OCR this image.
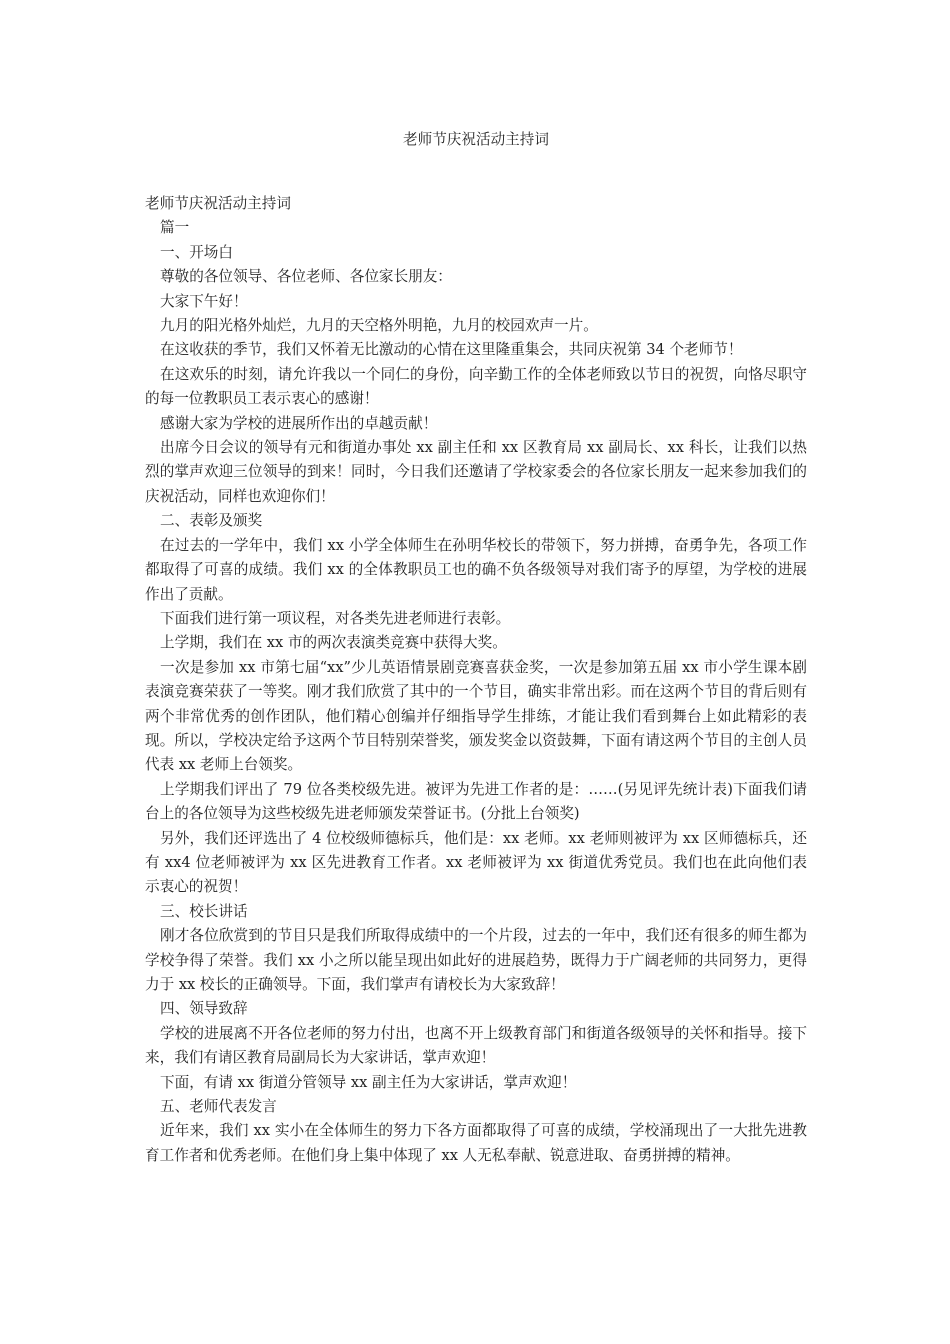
老师节庆祝活动主持词

老师节庆祝活动主持词

篇一

一、开场白

尊敬的各位领导、各位老师、各位家长朋友：

大家下午好！

九月的阳光格外灿烂，九月的天空格外明艳，九月的校园欢声一片。

在这收获的季节，我们又怀着无比激动的心情在这里隆重集会，共同庆祝第 34 个老师节！

在这欢乐的时刻，请允许我以一个同仁的身份，向辛勤工作的全体老师致以节日的祝贺，向恪尽职守的每一位教职员工表示衷心的感谢！

感谢大家为学校的进展所作出的卓越贡献！

出席今日会议的领导有元和街道办事处 xx 副主任和 xx 区教育局 xx 副局长、xx 科长，让我们以热烈的掌声欢迎三位领导的到来！同时，今日我们还邀请了学校家委会的各位家长朋友一起来参加我们的庆祝活动，同样也欢迎你们！

二、表彰及颁奖

在过去的一学年中，我们 xx 小学全体师生在孙明华校长的带领下，努力拼搏，奋勇争先，各项工作都取得了可喜的成绩。我们 xx 的全体教职员工也的确不负各级领导对我们寄予的厚望，为学校的进展作出了贡献。

下面我们进行第一项议程，对各类先进老师进行表彰。

上学期，我们在 xx 市的两次表演类竞赛中获得大奖。

一次是参加 xx 市第七届“xx”少儿英语情景剧竞赛喜获金奖，一次是参加第五届 xx 市小学生课本剧表演竞赛荣获了一等奖。刚才我们欣赏了其中的一个节目，确实非常出彩。而在这两个节目的背后则有两个非常优秀的创作团队，他们精心创编并仔细指导学生排练，才能让我们看到舞台上如此精彩的表现。所以，学校决定给予这两个节目特别荣誉奖，颁发奖金以资鼓舞，下面有请这两个节目的主创人员代表 xx 老师上台领奖。

上学期我们评出了 79 位各类校级先进。被评为先进工作者的是：……(另见评先统计表)下面我们请台上的各位领导为这些校级先进老师颁发荣誉证书。(分批上台领奖)

另外，我们还评选出了 4 位校级师德标兵，他们是：xx 老师。xx 老师则被评为 xx 区师德标兵，还有 xx4 位老师被评为 xx 区先进教育工作者。xx 老师被评为 xx 街道优秀党员。我们也在此向他们表示衷心的祝贺！

三、校长讲话

刚才各位欣赏到的节目只是我们所取得成绩中的一个片段，过去的一年中，我们还有很多的师生都为学校争得了荣誉。我们 xx 小之所以能呈现出如此好的进展趋势，既得力于广阔老师的共同努力，更得力于 xx 校长的正确领导。下面，我们掌声有请校长为大家致辞！

四、领导致辞

学校的进展离不开各位老师的努力付出，也离不开上级教育部门和街道各级领导的关怀和指导。接下来，我们有请区教育局副局长为大家讲话，掌声欢迎！

下面，有请 xx 街道分管领导 xx 副主任为大家讲话，掌声欢迎！

五、老师代表发言

近年来，我们 xx 实小在全体师生的努力下各方面都取得了可喜的成绩，学校涌现出了一大批先进教育工作者和优秀老师。在他们身上集中体现了 xx 人无私奉献、锐意进取、奋勇拼搏的精神。
